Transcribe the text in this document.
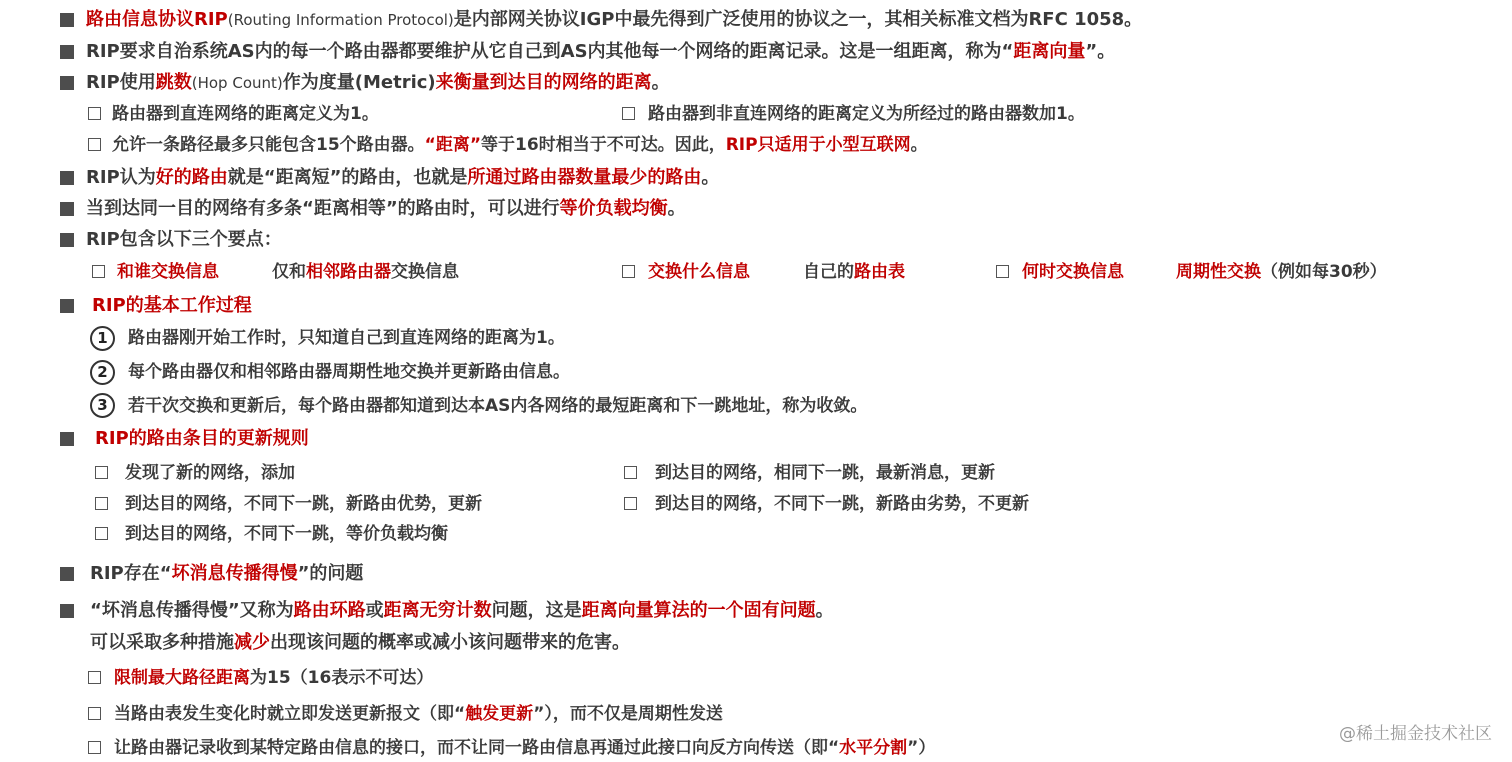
1
2
3
路由信息协议RIP(Routing Information Protocol)是内部网关协议IGP中最先得到广泛使用的协议之一，其相关标准文档为RFC 1058。
RIP要求自治系统AS内的每一个路由器都要维护从它自己到AS内其他每一个网络的距离记录。这是一组距离，称为“距离向量”。
RIP使用跳数(Hop Count)作为度量(Metric)来衡量到达目的网络的距离。
路由器到直连网络的距离定义为1。	路由器到非直连网络的距离定义为所经过的路由器数加1。
允许一条路径最多只能包含15个路由器。“距离”等于16时相当于不可达。因此，RIP只适用于小型互联网。
RIP认为好的路由就是“距离短”的路由，也就是所通过路由器数量最少的路由。
当到达同一目的网络有多条“距离相等”的路由时，可以进行等价负载均衡。
RIP包含以下三个要点：
和谁交换信息	仅和相邻路由器交换信息	交换什么信息	自己的路由表	何时交换信息	周期性交换（例如每30秒）
RIP的基本工作过程
路由器刚开始工作时，只知道自己到直连网络的距离为1。
每个路由器仅和相邻路由器周期性地交换并更新路由信息。
若干次交换和更新后，每个路由器都知道到达本AS内各网络的最短距离和下一跳地址，称为收敛。
RIP的路由条目的更新规则
发现了新的网络，添加	到达目的网络，相同下一跳，最新消息，更新
到达目的网络，不同下一跳，新路由优势，更新	到达目的网络，不同下一跳，新路由劣势，不更新
到达目的网络，不同下一跳，等价负载均衡
RIP存在“坏消息传播得慢”的问题
“坏消息传播得慢”又称为路由环路或距离无穷计数问题，这是距离向量算法的一个固有问题。
可以采取多种措施减少出现该问题的概率或减小该问题带来的危害。
限制最大路径距离为15（16表示不可达）
当路由表发生变化时就立即发送更新报文（即“触发更新”），而不仅是周期性发送
让路由器记录收到某特定路由信息的接口，而不让同一路由信息再通过此接口向反方向传送（即“水平分割”）
@稀土掘金技术社区
